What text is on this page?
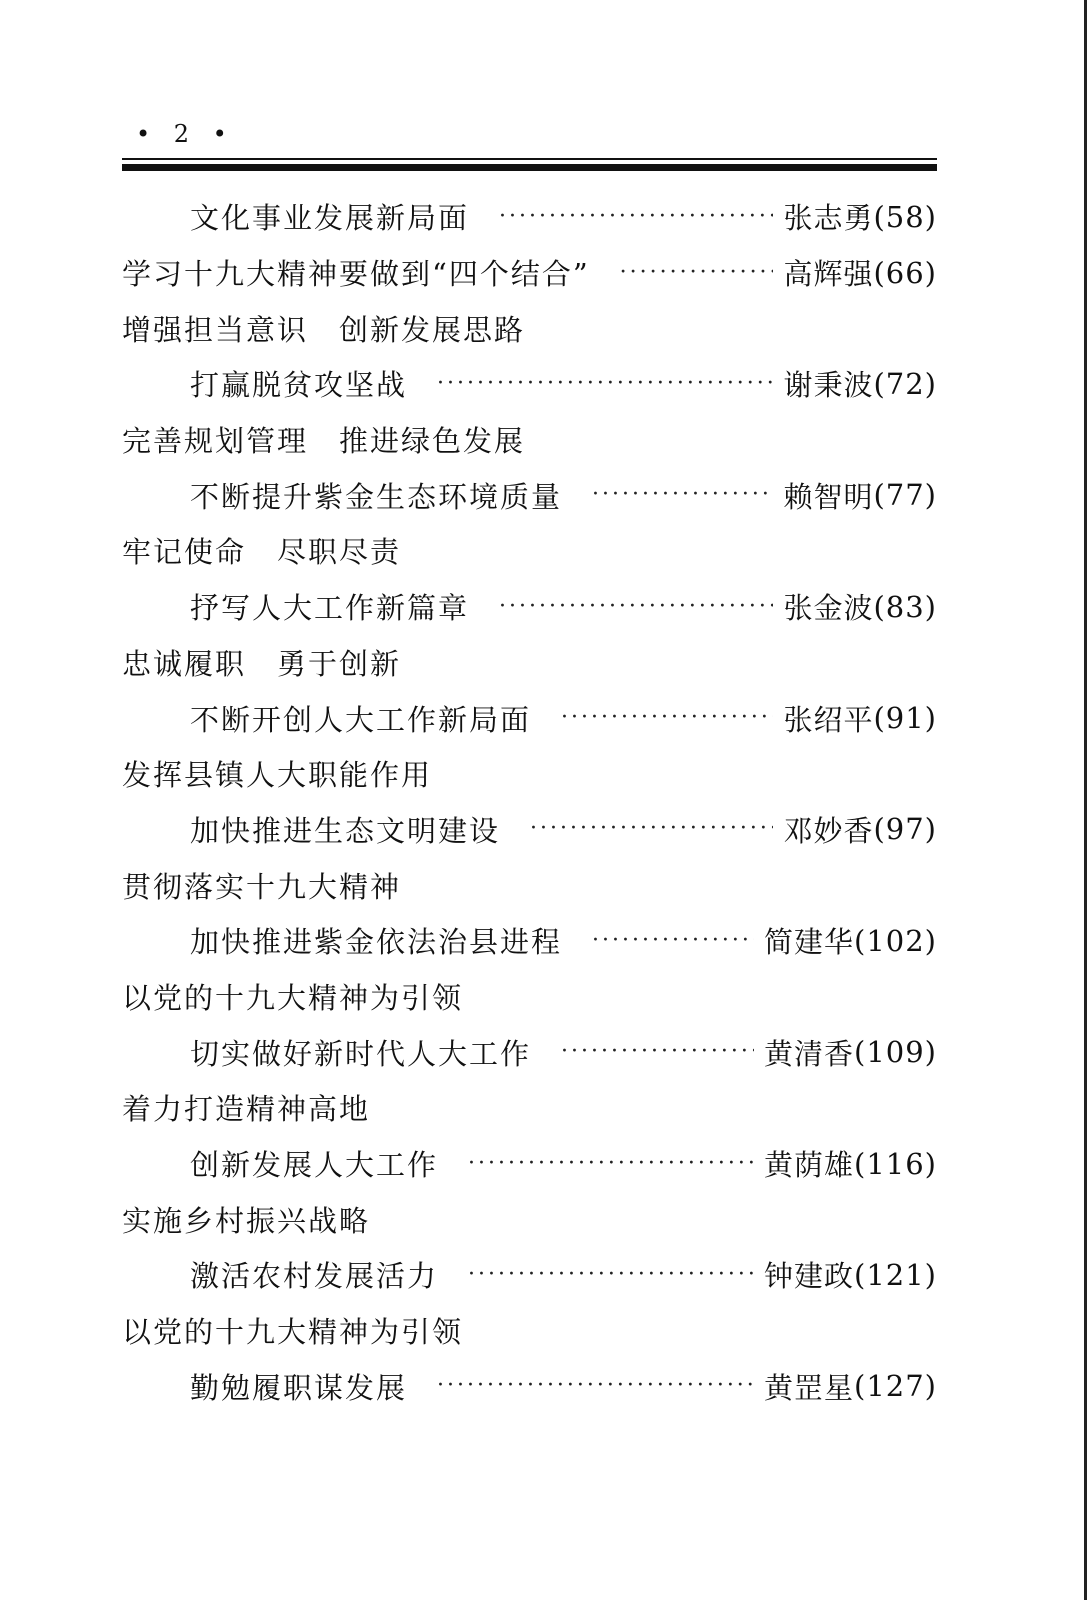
• 2 •
文化事业发展新局面 ·····	张志勇 (58)
学习十九大精神要做到“四个结合” ·····	高辉强 (66)
增强担当意识　创新发展思路
打赢脱贫攻坚战 ·····	谢秉波 (72)
完善规划管理　推进绿色发展
不断提升紫金生态环境质量 ·····	赖智明 (77)
牢记使命　尽职尽责
抒写人大工作新篇章 ·····	张金波 (83)
忠诚履职　勇于创新
不断开创人大工作新局面 ·····	张绍平 (91)
发挥县镇人大职能作用
加快推进生态文明建设 ·····	邓妙香 (97)
贯彻落实十九大精神
加快推进紫金依法治县进程 ·····	简建华 (102)
以党的十九大精神为引领
切实做好新时代人大工作 ·····	黄清香 (109)
着力打造精神高地
创新发展人大工作 ·····	黄荫雄 (116)
实施乡村振兴战略
激活农村发展活力 ·····	钟建政 (121)
以党的十九大精神为引领
勤勉履职谋发展 ·····	黄罡星 (127)
